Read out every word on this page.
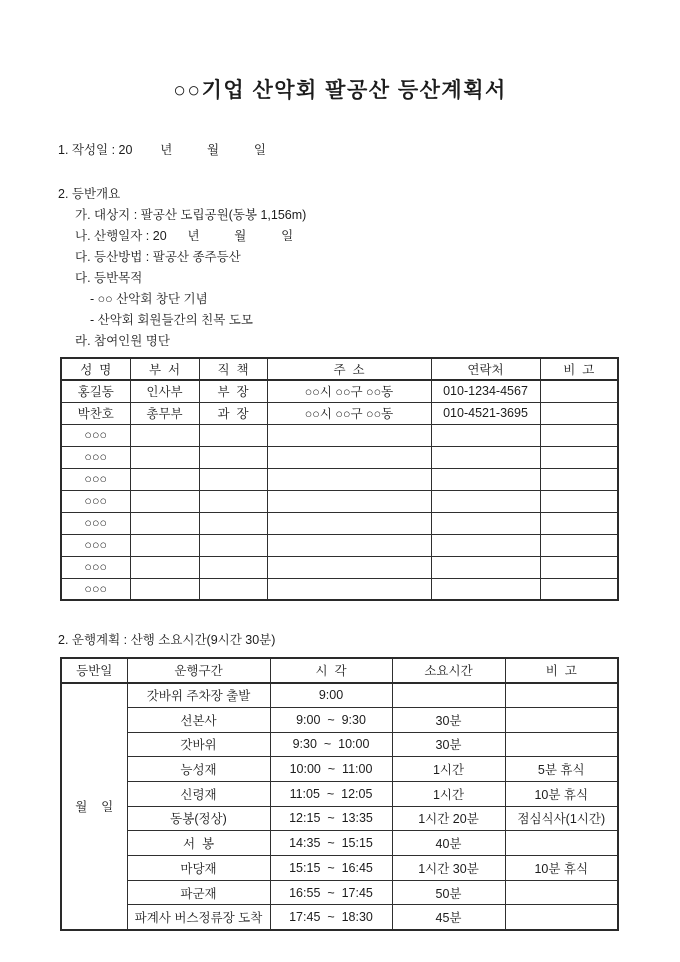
○○기업 산악회 팔공산 등산계획서

1. 작성일 : 20        년          월          일

2. 등반개요

가. 대상지 : 팔공산 도립공원(동봉 1,156m)

나. 산행일자 : 20      년          월          일

다. 등산방법 : 팔공산 종주등산

다. 등반목적

- ○○ 산악회 창단 기념

- 산악회 회원들간의 친목 도모

라. 참여인원 명단

성  명	부  서	직  책	주  소	연락처	비  고
홍길동	인사부	부  장	○○시 ○○구 ○○동	010-1234-4567	
박찬호	총무부	과  장	○○시 ○○구 ○○동	010-4521-3695	
○○○					
○○○					
○○○					
○○○					
○○○					
○○○					
○○○					
○○○					

2. 운행계획 : 산행 소요시간(9시간 30분)

등반일	운행구간	시  각	소요시간	비  고
월    일	갓바위 주차장 출발	9:00		
	선본사	9:00  ~  9:30	30분	
	갓바위	9:30  ~  10:00	30분	
	능성재	10:00  ~  11:00	1시간	5분 휴식
	신령재	11:05  ~  12:05	1시간	10분 휴식
	동봉(정상)	12:15  ~  13:35	1시간 20분	점심식사(1시간)
	서  봉	14:35  ~  15:15	40분	
	마당재	15:15  ~  16:45	1시간 30분	10분 휴식
	파군재	16:55  ~  17:45	50분	
	파계사 버스정류장 도착	17:45  ~  18:30	45분	
